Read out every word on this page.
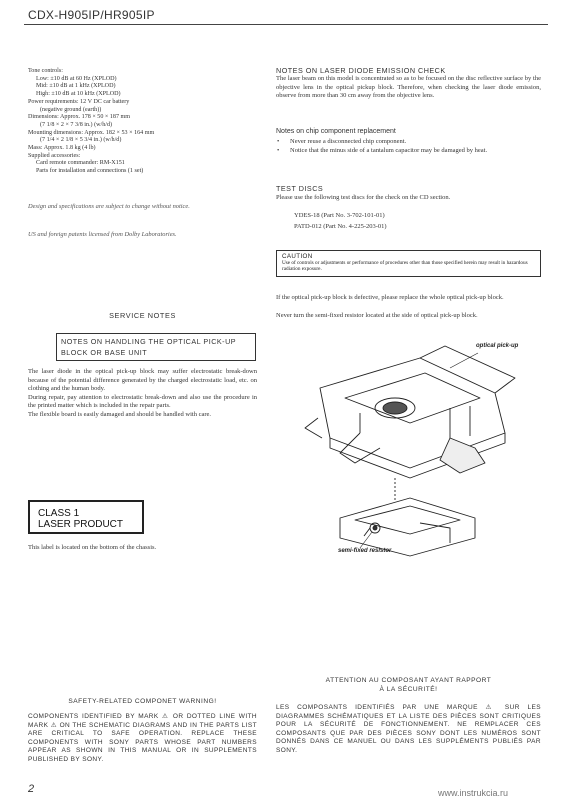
CDX-H905IP/HR905IP
Tone controls:
Low: ±10 dB at 60 Hz (XPLOD)
Mid: ±10 dB at 1 kHz (XPLOD)
High: ±10 dB at 10 kHz (XPLOD)
Power requirements: 12 V DC car battery
(negative ground (earth))
Dimensions: Approx. 178 × 50 × 187 mm
(7 1/8 × 2 × 7 3/8 in.) (w/h/d)
Mounting dimensions: Approx. 182 × 53 × 164 mm
(7 1/4 × 2 1/8 × 5 3/4 in.) (w/h/d)
Mass: Approx. 1.8 kg (4 lb)
Supplied accessories:
Card remote commander: RM-X151
Parts for installation and connections (1 set)
Design and specifications are subject to change without notice.
US and foreign patents licensed from Dolby Laboratories.
SERVICE NOTES
NOTES ON HANDLING THE OPTICAL PICK-UP BLOCK OR BASE UNIT
The laser diode in the optical pick-up block may suffer electrostatic break-down because of the potential difference generated by the charged electrostatic load, etc. on clothing and the human body.
During repair, pay attention to electrostatic break-down and also use the procedure in the printed matter which is included in the repair parts.
The flexible board is easily damaged and should be handled with care.
CLASS 1
LASER PRODUCT
This label is located on the bottom of the chassis.
NOTES ON LASER DIODE EMISSION CHECK
The laser beam on this model is concentrated so as to be focused on the disc reflective surface by the objective lens in the optical pickup block. Therefore, when checking the laser diode emission, observe from more than 30 cm away from the objective lens.
Notes on chip component replacement
• Never reuse a disconnected chip component.
• Notice that the minus side of a tantalum capacitor may be damaged by heat.
TEST DISCS
Please use the following test discs for the check on the CD section.
YDES-18 (Part No. 3-702-101-01)
PATD-012 (Part No. 4-225-203-01)
CAUTION
Use of controls or adjustments or performance of procedures other than those specified herein may result in hazardous radiation exposure.
If the optical pick-up block is defective, please replace the whole optical pick-up block.
Never turn the semi-fixed resistor located at the side of optical pick-up block.
optical pick-up
semi-fixed resistor
SAFETY-RELATED COMPONET WARNING!
COMPONENTS IDENTIFIED BY MARK ⚠ OR DOTTED LINE WITH MARK ⚠ ON THE SCHEMATIC DIAGRAMS AND IN THE PARTS LIST ARE CRITICAL TO SAFE OPERATION. REPLACE THESE COMPONENTS WITH SONY PARTS WHOSE PART NUMBERS APPEAR AS SHOWN IN THIS MANUAL OR IN SUPPLEMENTS PUBLISHED BY SONY.
ATTENTION AU COMPOSANT AYANT RAPPORT
À LA SÉCURITÉ!
LES COMPOSANTS IDENTIFIÉS PAR UNE MARQUE ⚠ SUR LES DIAGRAMMES SCHÉMATIQUES ET LA LISTE DES PIÈCES SONT CRITIQUES POUR LA SÉCURITÉ DE FONCTIONNEMENT. NE REMPLACER CES COMPOSANTS QUE PAR DES PIÈCES SONY DONT LES NUMÉROS SONT DONNÉS DANS CE MANUEL OU DANS LES SUPPLÉMENTS PUBLIÉS PAR SONY.
2	www.instrukcia.ru
